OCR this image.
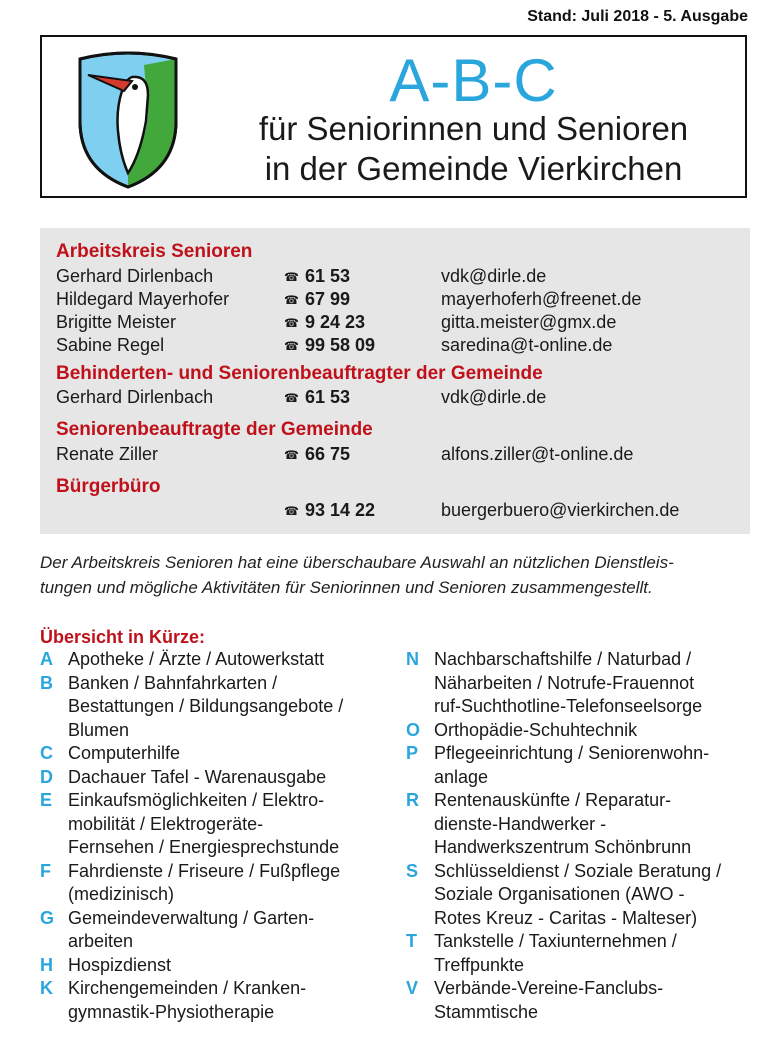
Stand: Juli 2018 - 5. Ausgabe
A-B-C
für Seniorinnen und Senioren
in der Gemeinde Vierkirchen
Arbeitskreis Senioren
Gerhard Dirlenbach	☎ 61 53	vdk@dirle.de
Hildegard Mayerhofer	☎ 67 99	mayerhoferh@freenet.de
Brigitte Meister	☎ 9 24 23	gitta.meister@gmx.de
Sabine Regel	☎ 99 58 09	saredina@t-online.de
Behinderten- und Seniorenbeauftragter der Gemeinde
Gerhard Dirlenbach	☎ 61 53	vdk@dirle.de
Seniorenbeauftragte der Gemeinde
Renate Ziller	☎ 66 75	alfons.ziller@t-online.de
Bürgerbüro
☎ 93 14 22	buergerbuero@vierkirchen.de
Der Arbeitskreis Senioren hat eine überschaubare Auswahl an nützlichen Dienstleis-
tungen und mögliche Aktivitäten für Seniorinnen und Senioren zusammengestellt.
Übersicht in Kürze:
A Apotheke / Ärzte / Autowerkstatt
B Banken / Bahnfahrkarten /
Bestattungen / Bildungsangebote /
Blumen
C Computerhilfe
D Dachauer Tafel - Warenausgabe
E Einkaufsmöglichkeiten / Elektro-
mobilität / Elektrogeräte-
Fernsehen / Energiesprechstunde
F Fahrdienste / Friseure / Fußpflege
(medizinisch)
G Gemeindeverwaltung / Garten-
arbeiten
H Hospizdienst
K Kirchengemeinden / Kranken-
gymnastik-Physiotherapie
N Nachbarschaftshilfe / Naturbad /
Näharbeiten / Notrufe-Frauennot
ruf-Suchthotline-Telefonseelsorge
O Orthopädie-Schuhtechnik
P Pflegeeinrichtung / Seniorenwohn-
anlage
R Rentenauskünfte / Reparatur-
dienste-Handwerker -
Handwerkszentrum Schönbrunn
S Schlüsseldienst / Soziale Beratung /
Soziale Organisationen (AWO -
Rotes Kreuz - Caritas - Malteser)
T Tankstelle / Taxiunternehmen /
Treffpunkte
V Verbände-Vereine-Fanclubs-
Stammtische
